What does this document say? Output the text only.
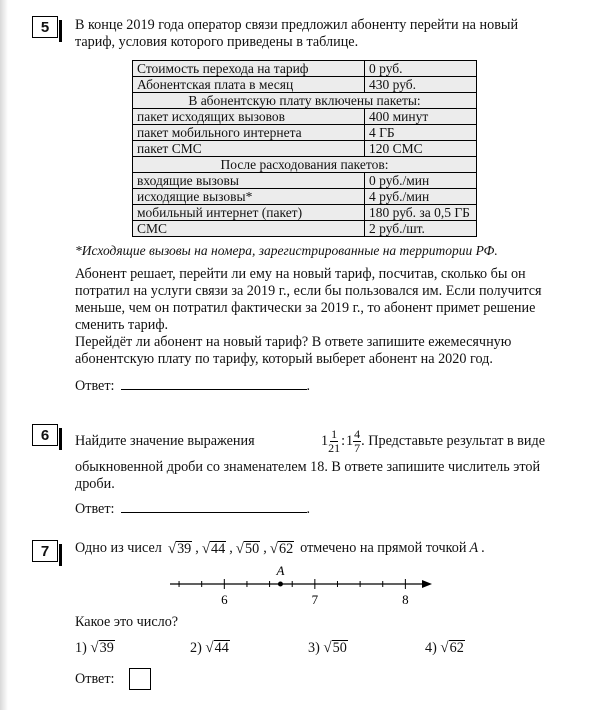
5	В конце 2019 года оператор связи предложил абоненту перейти на новый

тариф, условия которого приведены в таблице.

Стоимость перехода на тариф	0 руб.
Абонентская плата в месяц	430 руб.
В абонентскую плату включены пакеты:	
пакет исходящих вызовов	400 минут
пакет мобильного интернета	4 ГБ
пакет СМС	120 СМС
После расходования пакетов:	
входящие вызовы	0 руб./мин
исходящие вызовы*	4 руб./мин
мобильный интернет (пакет)	180 руб. за 0,5 ГБ
СМС	2 руб./шт.
*Исходящие вызовы на номера, зарегистрированные на территории РФ.

Абонент решает, перейти ли ему на новый тариф, посчитав, сколько бы он

потратил на услуги связи за 2019 г., если бы пользовался им. Если получится

меньше, чем он потратил фактически за 2019 г., то абонент примет решение

сменить тариф.

Перейдёт ли абонент на новый тариф? В ответе запишите ежемесячную

абонентскую плату по тарифу, который выберет абонент на 2020 год.

Ответ:	.
6	Найдите значение выражения	$1 \frac{1}{21}$ : $1 \frac{4}{7}$ . Представьте результат в виде

обыкновенной дроби со знаменателем 18. В ответе запишите числитель этой

дроби.

Ответ:	.
7	Одно из чисел √ 39 , √ 44 , √ 50 , √ 62 отмечено на прямой точкой A .
6	7	8
A
Какое это число?
1) √ 39	2) √ 44	3) √ 50	4) √ 62
Ответ:
